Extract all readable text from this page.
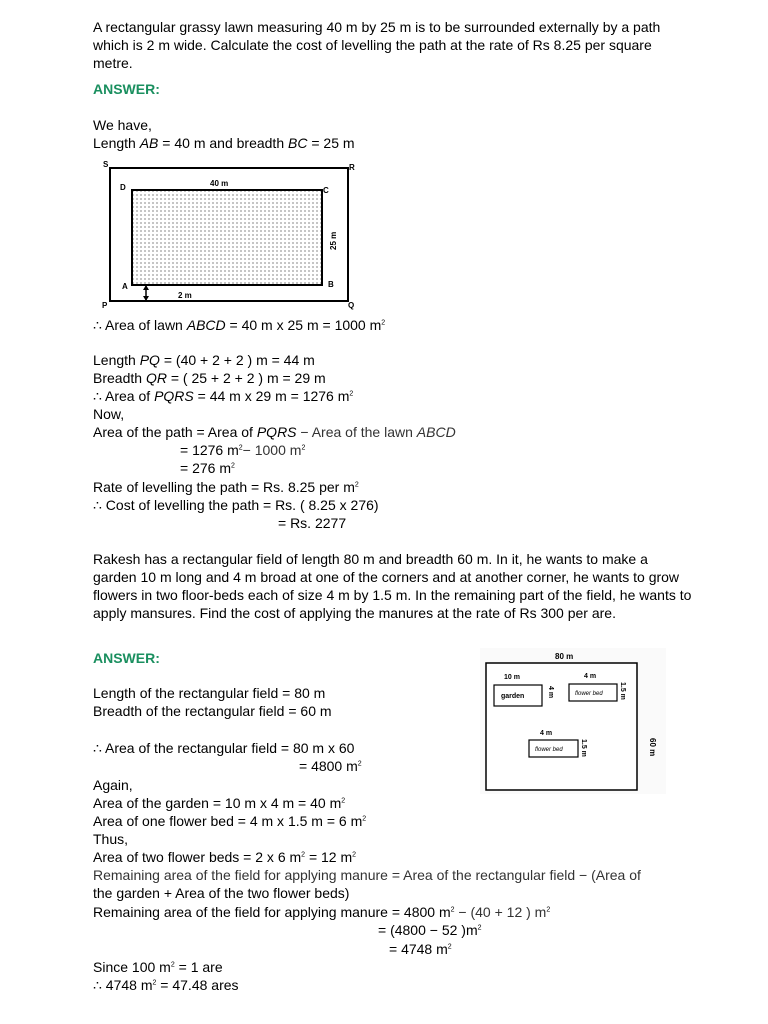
A rectangular grassy lawn measuring 40 m by 25 m is to be surrounded externally by a path which is 2 m wide. Calculate the cost of levelling the path at the rate of Rs 8.25 per square metre.
ANSWER:
We have,
Length AB = 40 m and breadth BC = 25 m
S	R
D	C
A	B
P	Q
40 m
25 m
2 m
∴ Area of lawn ABCD = 40 m x 25 m = 1000 $m^2$
Length PQ = (40 + 2 + 2 ) m = 44 m
Breadth QR = ( 25 + 2 + 2 ) m = 29 m
∴ Area of PQRS = 44 m x 29 m = 1276 $m^2$
Now,
Area of the path = Area of PQRS − Area of the lawn ABCD
= 1276 $m^2- 1000$ $m^2$
= 276 $m^2$
Rate of levelling the path = Rs. 8.25 per $m^2$
∴ Cost of levelling the path = Rs. ( 8.25 x 276)
= Rs. 2277
Rakesh has a rectangular field of length 80 m and breadth 60 m. In it, he wants to make a garden 10 m long and 4 m broad at one of the corners and at another corner, he wants to grow flowers in two floor-beds each of size 4 m by 1.5 m. In the remaining part of the field, he wants to apply mansures. Find the cost of applying the manures at the rate of Rs 300 per are.
ANSWER:	80 m
60 m
10 m
4 m
garden
4 m
1.5 m
flower bed
4 m
1.5 m
flower bed
Length of the rectangular field = 80 m
Breadth of the rectangular field = 60 m
∴ Area of the rectangular field = 80 m x 60
= 4800 $m^2$
Again,
Area of the garden = 10 m x 4 m = 40 $m^2$
Area of one flower bed = 4 m x 1.5 m = 6 $m^2$
Thus,
Area of two flower beds = 2 x 6 $m^2 = 12$ $m^2$
Remaining area of the field for applying manure = Area of the rectangular field − (Area of
the garden + Area of the two flower beds)
Remaining area of the field for applying manure = 4800 $m^2 - (40 + 12$ ) $m^2$
= (4800 − 52 )$m^2$
= 4748 $m^2$
Since 100 $m^2 = 1$ are
∴ 4748 $m^2 = 47.48$ ares
